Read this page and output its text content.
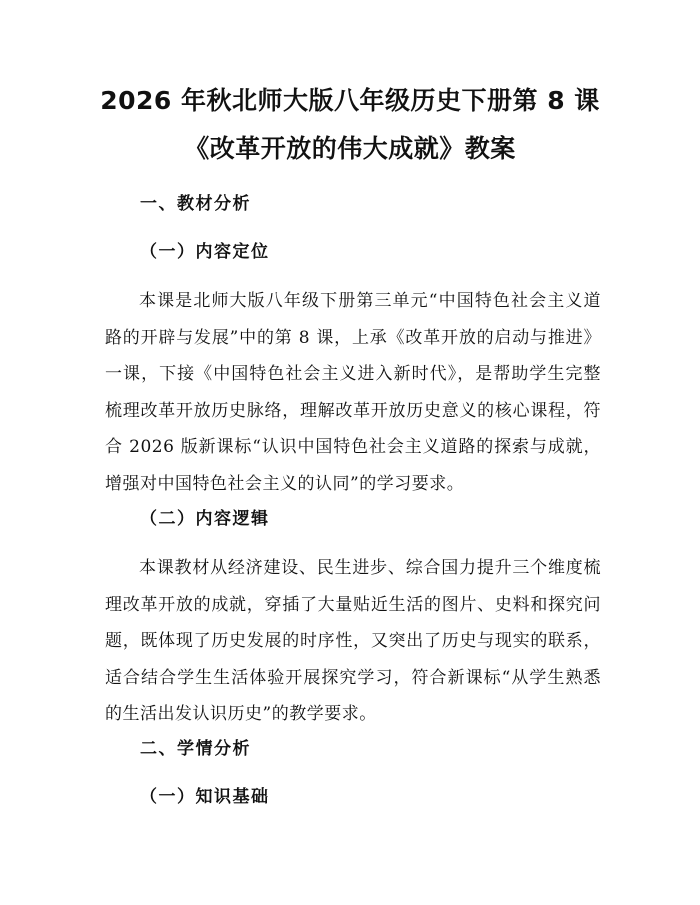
2026 年秋北师大版八年级历史下册第 8 课
《改革开放的伟大成就》教案
一、教材分析
（一）内容定位

本课是北师大版八年级下册第三单元“中国特色社会主义道路的开辟与发展”中的第 8 课，上承《改革开放的启动与推进》一课，下接《中国特色社会主义进入新时代》，是帮助学生完整梳理改革开放历史脉络，理解改革开放历史意义的核心课程，符合 2026 版新课标“认识中国特色社会主义道路的探索与成就，增强对中国特色社会主义的认同”的学习要求。

（二）内容逻辑

本课教材从经济建设、民生进步、综合国力提升三个维度梳理改革开放的成就，穿插了大量贴近生活的图片、史料和探究问题，既体现了历史发展的时序性，又突出了历史与现实的联系，适合结合学生生活体验开展探究学习，符合新课标“从学生熟悉的生活出发认识历史”的教学要求。

二、学情分析
（一）知识基础
